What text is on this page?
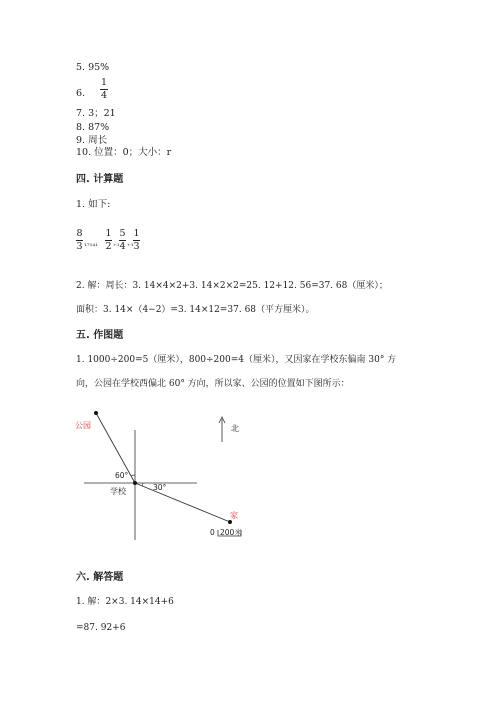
5. 95%
6.
1
4
7. 3；21
8. 87%
9. 周长
10. 位置：0；大小：r
四. 计算题
1. 如下:
8
3 ₁₇₁₄₁
1
2 ₊₁
5
4 ₊₁
1
3
2. 解：周长：3. 14×4×2+3. 14×2×2=25. 12+12. 56=37. 68（厘米）；
面积：3. 14×（4−2）=3. 14×12=37. 68（平方厘米）。
五. 作图题
1. 1000÷200=5（厘米），800÷200=4（厘米），又因家在学校东偏南 30° 方
向，公园在学校西偏北 60° 方向，所以家、公园的位置如下图所示：
公园	北
60°
学校	30°
家
0 200米
六. 解答题
1. 解：2×3. 14×14+6
=87. 92+6
